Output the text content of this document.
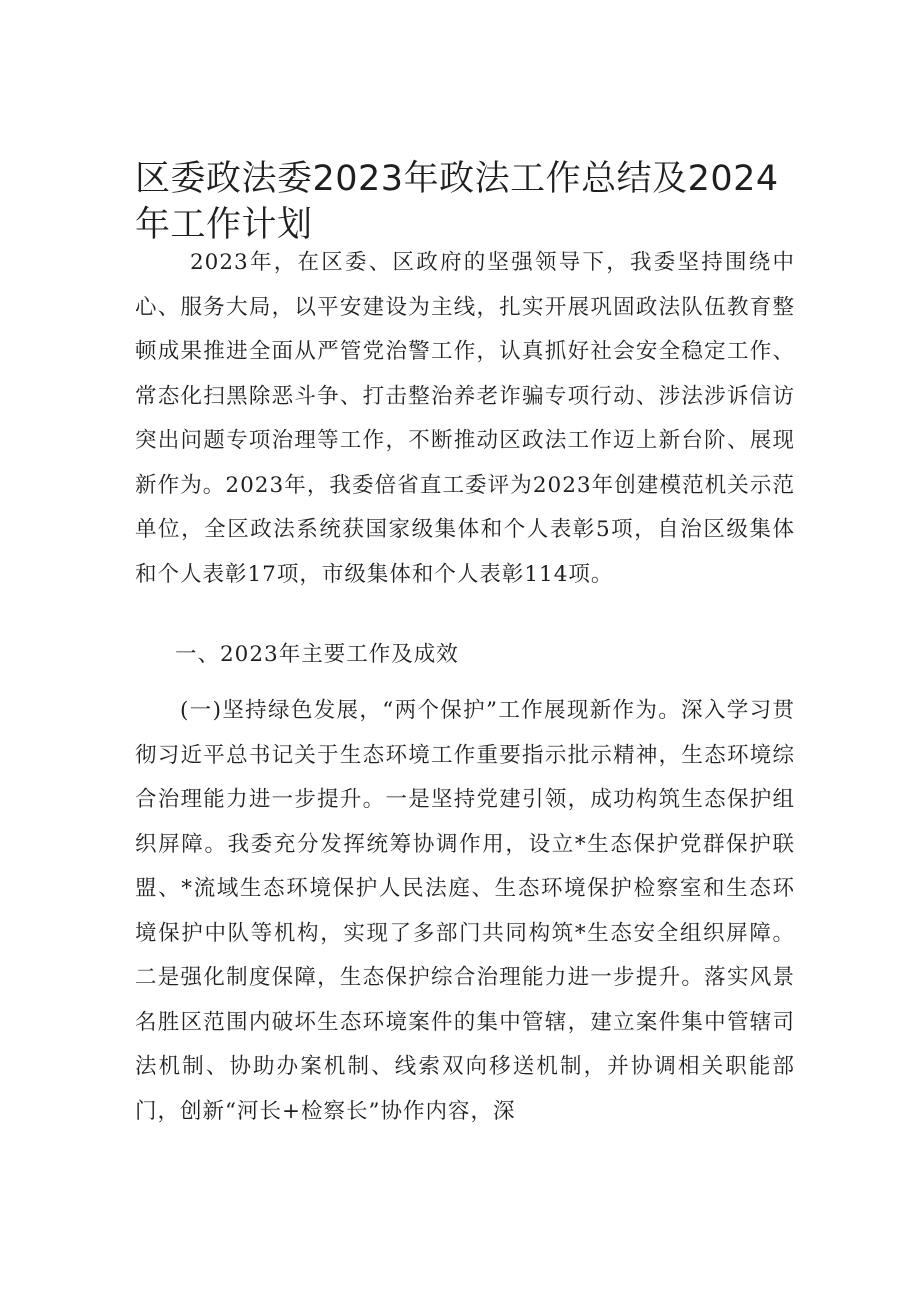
区委政法委2023年政法工作总结及2024年工作计划

2023年，在区委、区政府的坚强领导下，我委坚持围绕中心、服务大局，以平安建设为主线，扎实开展巩固政法队伍教育整顿成果推进全面从严管党治警工作，认真抓好社会安全稳定工作、常态化扫黑除恶斗争、打击整治养老诈骗专项行动、涉法涉诉信访突出问题专项治理等工作，不断推动区政法工作迈上新台阶、展现新作为。2023年，我委倍省直工委评为2023年创建模范机关示范单位，全区政法系统获国家级集体和个人表彰5项，自治区级集体和个人表彰17项，市级集体和个人表彰114项。

一、2023年主要工作及成效

(一)坚持绿色发展，“两个保护”工作展现新作为。深入学习贯彻习近平总书记关于生态环境工作重要指示批示精神，生态环境综合治理能力进一步提升。一是坚持党建引领，成功构筑生态保护组织屏障。我委充分发挥统筹协调作用，设立*生态保护党群保护联盟、*流域生态环境保护人民法庭、生态环境保护检察室和生态环境保护中队等机构，实现了多部门共同构筑*生态安全组织屏障。二是强化制度保障，生态保护综合治理能力进一步提升。落实风景名胜区范围内破坏生态环境案件的集中管辖，建立案件集中管辖司法机制、协助办案机制、线索双向移送机制，并协调相关职能部门，创新“河长+检察长”协作内容，深
